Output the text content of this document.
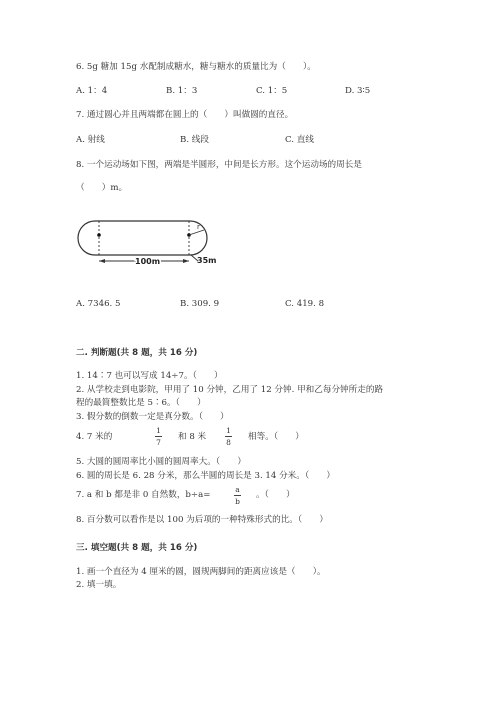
6. 5g 糖加 15g 水配制成糖水，糖与糖水的质量比为（　　）。
A. 1：4	B. 1：3	C. 1：5	D. 3∶5
7. 通过圆心并且两端都在圆上的（　　）叫做圆的直径。
A. 射线	B. 线段	C. 直线
8. 一个运动场如下图，两端是半圆形，中间是长方形。这个运动场的周长是
（　　）m。
r
100m	35m
A. 7346. 5	B. 309. 9	C. 419. 8
二. 判断题(共 8 题，共 16 分)
1. 14∶7 也可以写成 14÷7。（　　）
2. 从学校走到电影院，甲用了 10 分钟，乙用了 12 分钟. 甲和乙每分钟所走的路
程的最简整数比是 5∶6。（　　）
3. 假分数的倒数一定是真分数。（　　）
4. 7 米的
1
7
和 8 米
1
8
相等。（　　）
5. 大圆的圆周率比小圆的圆周率大。（　　）
6. 圆的周长是 6. 28 分米，那么半圆的周长是 3. 14 分米。（　　）
7. a 和 b 都是非 0 自然数，b÷a=
a
b
。（　　）
8. 百分数可以看作是以 100 为后项的一种特殊形式的比。（　　）
三. 填空题(共 8 题，共 16 分)
1. 画一个直径为 4 厘米的圆，圆规两脚间的距离应该是（　　）。
2. 填一填。
